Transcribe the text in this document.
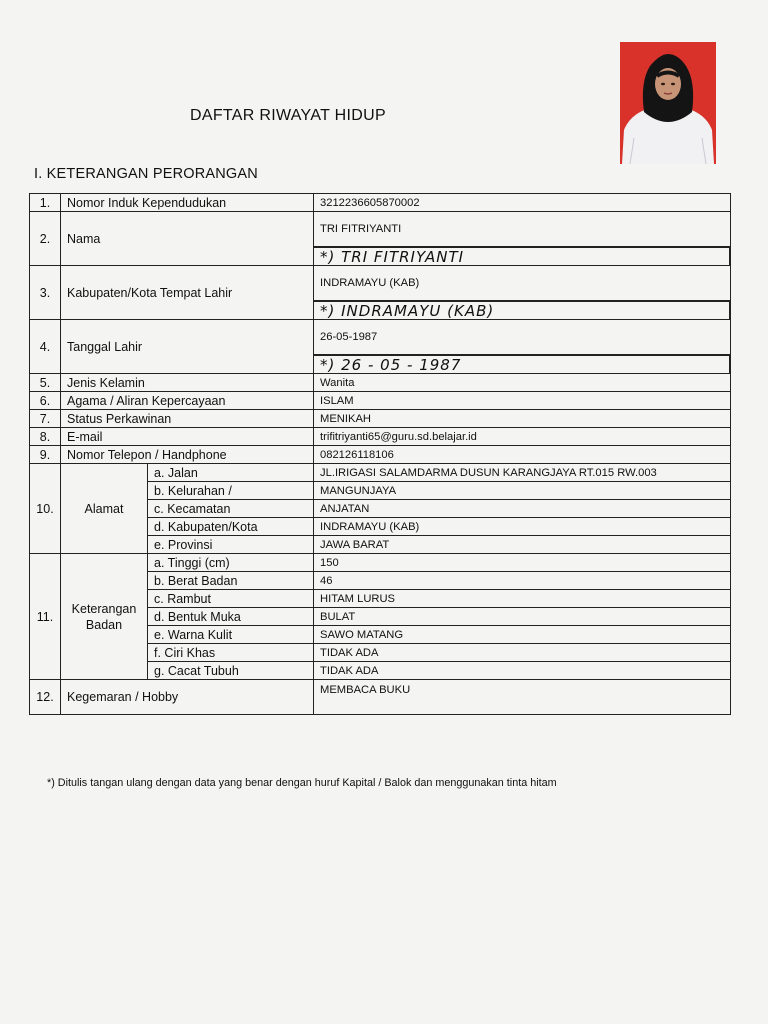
DAFTAR RIWAYAT HIDUP
I. KETERANGAN PERORANGAN
1.	Nomor Induk Kependudukan		3212236605870002
2.	Nama		TRI FITRIYANTI
			*) TRI FITRIYANTI
3.	Kabupaten/Kota Tempat Lahir		INDRAMAYU (KAB)
			*) INDRAMAYU (KAB)
4.	Tanggal Lahir		26-05-1987
			*) 26 - 05 - 1987
5.	Jenis Kelamin		Wanita
6.	Agama / Aliran Kepercayaan		ISLAM
7.	Status Perkawinan		MENIKAH
8.	E-mail		trifitriyanti65@guru.sd.belajar.id
9.	Nomor Telepon / Handphone		082126118106
10.	Alamat	a. Jalan	JL.IRIGASI SALAMDARMA DUSUN KARANGJAYA RT.015 RW.003
		b. Kelurahan /	MANGUNJAYA
		c. Kecamatan	ANJATAN
		d. Kabupaten/Kota	INDRAMAYU (KAB)
		e. Provinsi	JAWA BARAT
11.	Keterangan
Badan	a. Tinggi (cm)	150
		b. Berat Badan	46
		c. Rambut	HITAM LURUS
		d. Bentuk Muka	BULAT
		e. Warna Kulit	SAWO MATANG
		f. Ciri Khas	TIDAK ADA
		g. Cacat Tubuh	TIDAK ADA
12.	Kegemaran / Hobby		MEMBACA BUKU
*) Ditulis tangan ulang dengan data yang benar dengan huruf Kapital / Balok dan menggunakan tinta hitam
